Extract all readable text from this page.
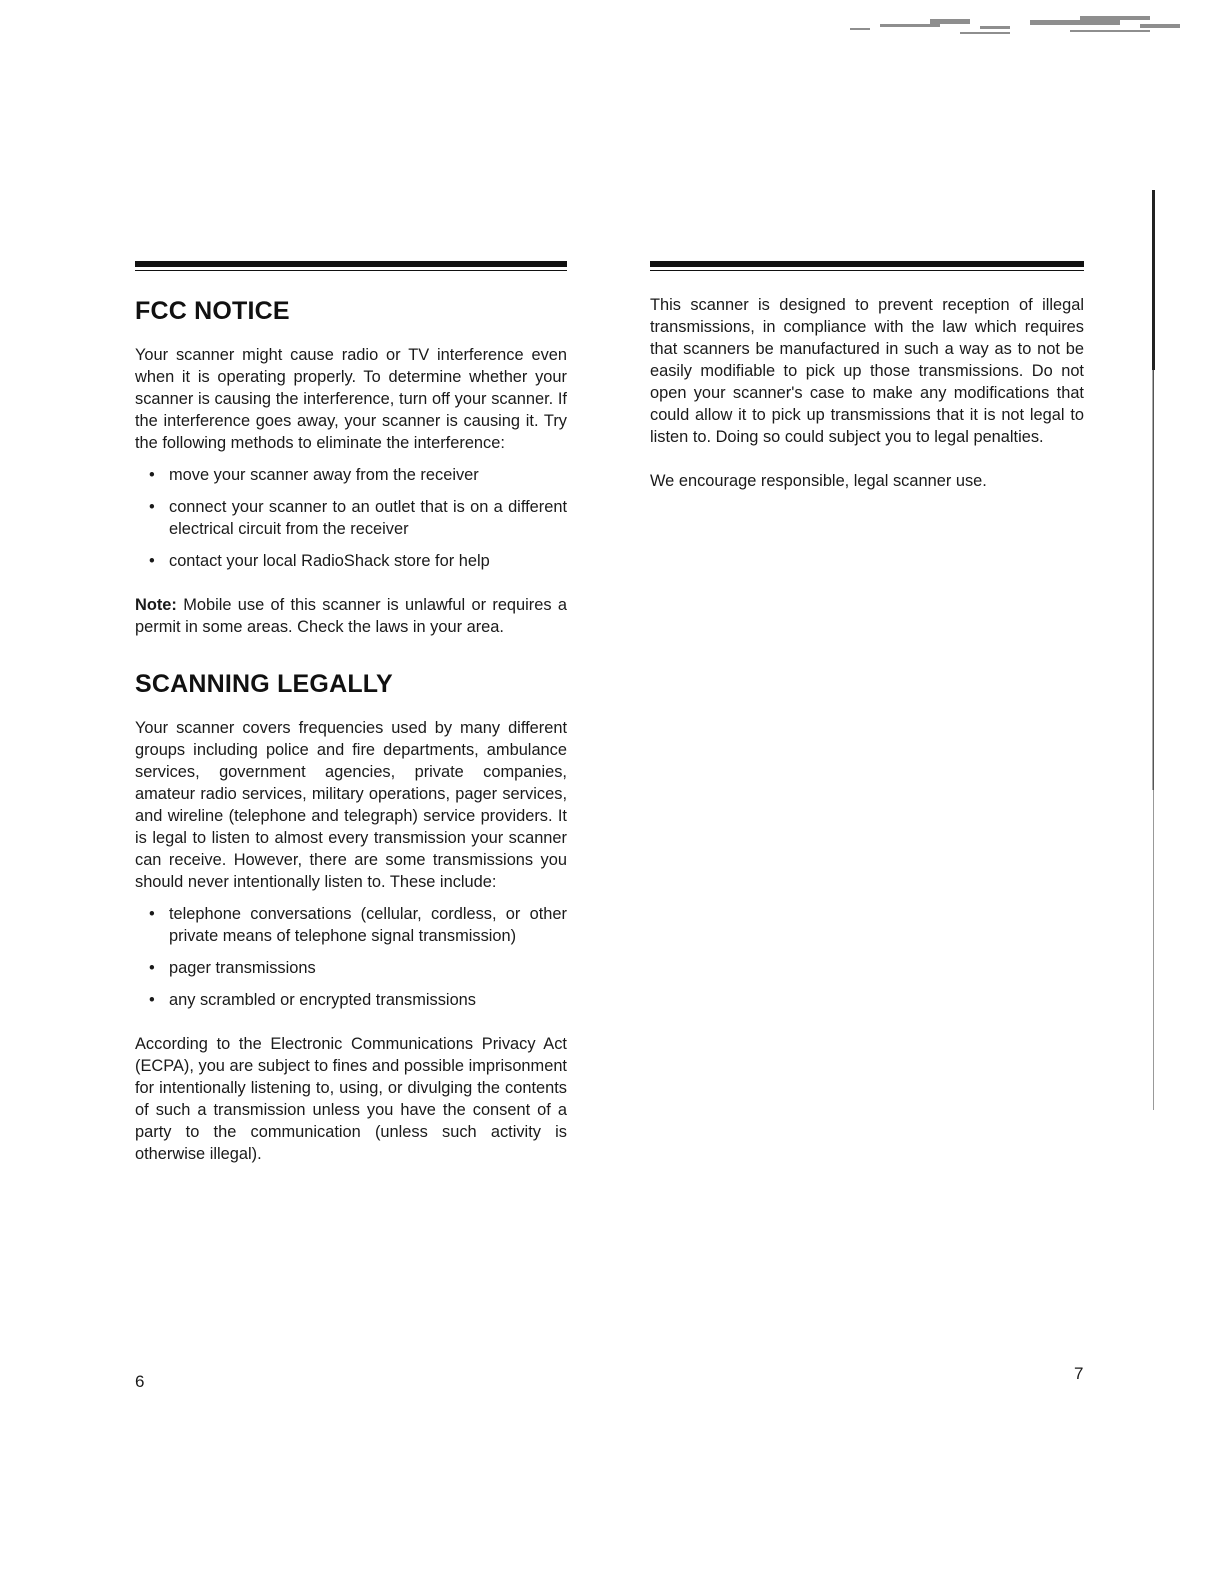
FCC NOTICE

Your scanner might cause radio or TV interference even when it is operating properly. To determine whether your scanner is causing the interference, turn off your scanner. If the interference goes away, your scanner is causing it. Try the following methods to eliminate the interference:

• move your scanner away from the receiver
• connect your scanner to an outlet that is on a different electrical circuit from the receiver
• contact your local RadioShack store for help

Note: Mobile use of this scanner is unlawful or requires a permit in some areas. Check the laws in your area.

SCANNING LEGALLY

Your scanner covers frequencies used by many different groups including police and fire departments, ambulance services, government agencies, private companies, amateur radio services, military operations, pager services, and wireline (telephone and telegraph) service providers. It is legal to listen to almost every transmission your scanner can receive. However, there are some transmissions you should never intentionally listen to. These include:

• telephone conversations (cellular, cordless, or other private means of telephone signal transmission)
• pager transmissions
• any scrambled or encrypted transmissions

According to the Electronic Communications Privacy Act (ECPA), you are subject to fines and possible imprisonment for intentionally listening to, using, or divulging the contents of such a transmission unless you have the consent of a party to the communication (unless such activity is otherwise illegal).

This scanner is designed to prevent reception of illegal transmissions, in compliance with the law which requires that scanners be manufactured in such a way as to not be easily modifiable to pick up those transmissions. Do not open your scanner's case to make any modifications that could allow it to pick up transmissions that it is not legal to listen to. Doing so could subject you to legal penalties.

We encourage responsible, legal scanner use.

6	7
